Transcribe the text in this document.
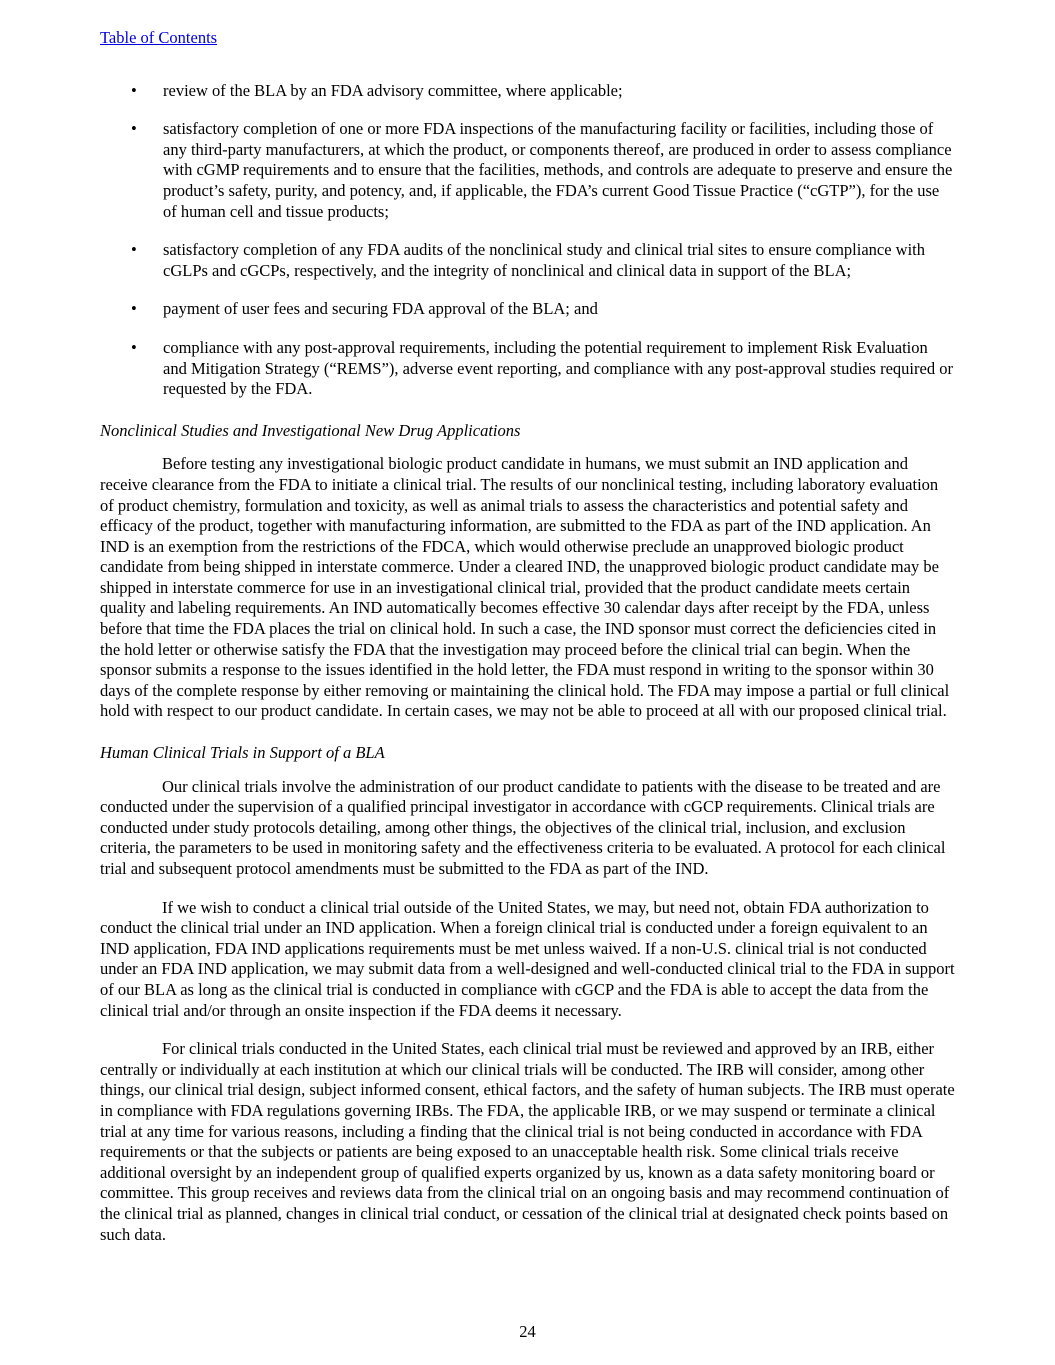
Table of Contents
• review of the BLA by an FDA advisory committee, where applicable;
• satisfactory completion of one or more FDA inspections of the manufacturing facility or facilities, including those of any third-party manufacturers, at which the product, or components thereof, are produced in order to assess compliance with cGMP requirements and to ensure that the facilities, methods, and controls are adequate to preserve and ensure the product’s safety, purity, and potency, and, if applicable, the FDA’s current Good Tissue Practice (“cGTP”), for the use of human cell and tissue products;
• satisfactory completion of any FDA audits of the nonclinical study and clinical trial sites to ensure compliance with cGLPs and cGCPs, respectively, and the integrity of nonclinical and clinical data in support of the BLA;
• payment of user fees and securing FDA approval of the BLA; and
• compliance with any post-approval requirements, including the potential requirement to implement Risk Evaluation and Mitigation Strategy (“REMS”), adverse event reporting, and compliance with any post-approval studies required or requested by the FDA.
Nonclinical Studies and Investigational New Drug Applications

Before testing any investigational biologic product candidate in humans, we must submit an IND application and receive clearance from the FDA to initiate a clinical trial. The results of our nonclinical testing, including laboratory evaluation of product chemistry, formulation and toxicity, as well as animal trials to assess the characteristics and potential safety and efficacy of the product, together with manufacturing information, are submitted to the FDA as part of the IND application. An IND is an exemption from the restrictions of the FDCA, which would otherwise preclude an unapproved biologic product candidate from being shipped in interstate commerce. Under a cleared IND, the unapproved biologic product candidate may be shipped in interstate commerce for use in an investigational clinical trial, provided that the product candidate meets certain quality and labeling requirements. An IND automatically becomes effective 30 calendar days after receipt by the FDA, unless before that time the FDA places the trial on clinical hold. In such a case, the IND sponsor must correct the deficiencies cited in the hold letter or otherwise satisfy the FDA that the investigation may proceed before the clinical trial can begin. When the sponsor submits a response to the issues identified in the hold letter, the FDA must respond in writing to the sponsor within 30 days of the complete response by either removing or maintaining the clinical hold. The FDA may impose a partial or full clinical hold with respect to our product candidate. In certain cases, we may not be able to proceed at all with our proposed clinical trial.

Human Clinical Trials in Support of a BLA

Our clinical trials involve the administration of our product candidate to patients with the disease to be treated and are conducted under the supervision of a qualified principal investigator in accordance with cGCP requirements. Clinical trials are conducted under study protocols detailing, among other things, the objectives of the clinical trial, inclusion, and exclusion criteria, the parameters to be used in monitoring safety and the effectiveness criteria to be evaluated. A protocol for each clinical trial and subsequent protocol amendments must be submitted to the FDA as part of the IND.

If we wish to conduct a clinical trial outside of the United States, we may, but need not, obtain FDA authorization to conduct the clinical trial under an IND application. When a foreign clinical trial is conducted under a foreign equivalent to an IND application, FDA IND applications requirements must be met unless waived. If a non-U.S. clinical trial is not conducted under an FDA IND application, we may submit data from a well-designed and well-conducted clinical trial to the FDA in support of our BLA as long as the clinical trial is conducted in compliance with cGCP and the FDA is able to accept the data from the clinical trial and/or through an onsite inspection if the FDA deems it necessary.

For clinical trials conducted in the United States, each clinical trial must be reviewed and approved by an IRB, either centrally or individually at each institution at which our clinical trials will be conducted. The IRB will consider, among other things, our clinical trial design, subject informed consent, ethical factors, and the safety of human subjects. The IRB must operate in compliance with FDA regulations governing IRBs. The FDA, the applicable IRB, or we may suspend or terminate a clinical trial at any time for various reasons, including a finding that the clinical trial is not being conducted in accordance with FDA requirements or that the subjects or patients are being exposed to an unacceptable health risk. Some clinical trials receive additional oversight by an independent group of qualified experts organized by us, known as a data safety monitoring board or committee. This group receives and reviews data from the clinical trial on an ongoing basis and may recommend continuation of the clinical trial as planned, changes in clinical trial conduct, or cessation of the clinical trial at designated check points based on such data.

24
